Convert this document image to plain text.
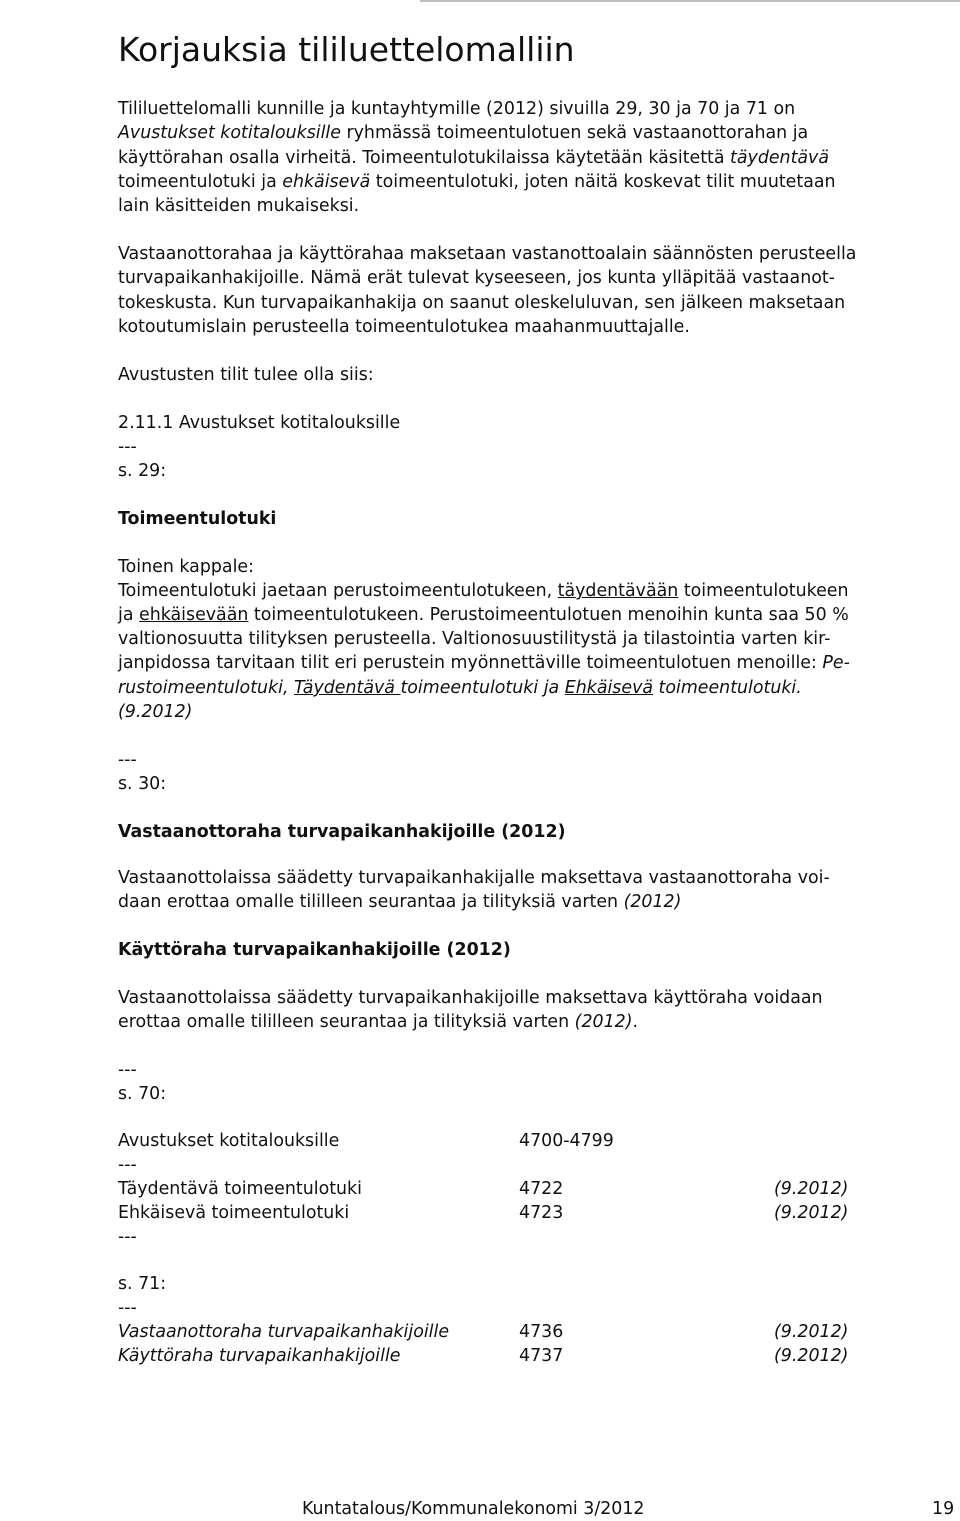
Korjauksia tililuettelomalliin
Tililuettelomalli kunnille ja kuntayhtymille (2012) sivuilla 29, 30 ja 70 ja 71 on
Avustukset kotitalouksille ryhmässä toimeentulotuen sekä vastaanottorahan ja
käyttörahan osalla virheitä. Toimeentulotukilaissa käytetään käsitettä täydentävä
toimeentulotuki ja ehkäisevä toimeentulotuki, joten näitä koskevat tilit muutetaan
lain käsitteiden mukaiseksi.
Vastaanottorahaa ja käyttörahaa maksetaan vastanottoalain säännösten perusteella
turvapaikanhakijoille. Nämä erät tulevat kyseeseen, jos kunta ylläpitää vastaanot-
tokeskusta. Kun turvapaikanhakija on saanut oleskeluluvan, sen jälkeen maksetaan
kotoutumislain perusteella toimeentulotukea maahanmuuttajalle.
Avustusten tilit tulee olla siis:
2.11.1 Avustukset kotitalouksille
---
s. 29:
Toimeentulotuki
Toinen kappale:
Toimeentulotuki jaetaan perustoimeentulotukeen, täydentävään toimeentulotukeen
ja ehkäisevään toimeentulotukeen. Perustoimeentulotuen menoihin kunta saa 50 %
valtionosuutta tilityksen perusteella. Valtionosuustilitystä ja tilastointia varten kir-
janpidossa tarvitaan tilit eri perustein myönnettäville toimeentulotuen menoille: Pe-
rustoimeentulotuki, Täydentävä toimeentulotuki ja Ehkäisevä toimeentulotuki.
(9.2012)
---
s. 30:
Vastaanottoraha turvapaikanhakijoille (2012)
Vastaanottolaissa säädetty turvapaikanhakijalle maksettava vastaanottoraha voi-
daan erottaa omalle tililleen seurantaa ja tilityksiä varten (2012)
Käyttöraha turvapaikanhakijoille (2012)
Vastaanottolaissa säädetty turvapaikanhakijoille maksettava käyttöraha voidaan
erottaa omalle tililleen seurantaa ja tilityksiä varten (2012).
---
s. 70:
Avustukset kotitalouksille	4700-4799
---
Täydentävä toimeentulotuki	4722	(9.2012)
Ehkäisevä toimeentulotuki	4723	(9.2012)
---
s. 71:
---
Vastaanottoraha turvapaikanhakijoille	4736	(9.2012)
Käyttöraha turvapaikanhakijoille	4737	(9.2012)
Kuntatalous/Kommunalekonomi 3/2012	19
